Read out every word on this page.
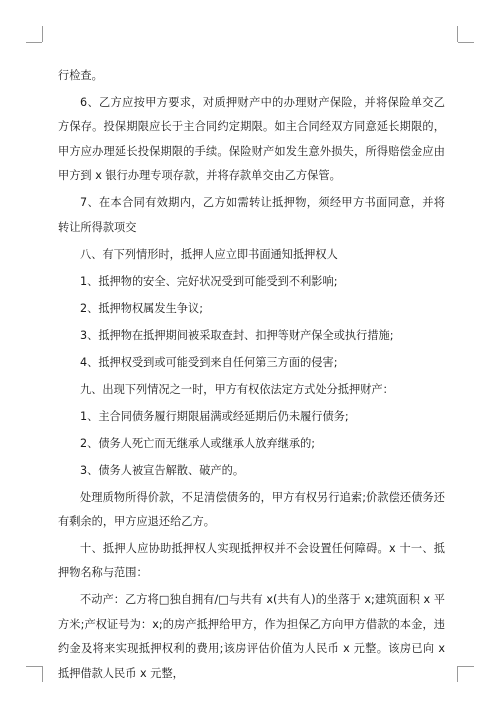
行检查。

6、乙方应按甲方要求，对质押财产中的办理财产保险，并将保险单交乙方保存。投保期限应长于主合同约定期限。如主合同经双方同意延长期限的，甲方应办理延长投保期限的手续。保险财产如发生意外损失，所得赔偿金应由甲方到 x 银行办理专项存款，并将存款单交由乙方保管。

7、在本合同有效期内，乙方如需转让抵押物，须经甲方书面同意，并将转让所得款项交

八、有下列情形时，抵押人应立即书面通知抵押权人

1、抵押物的安全、完好状况受到可能受到不利影响;

2、抵押物权属发生争议;

3、抵押物在抵押期间被采取查封、扣押等财产保全或执行措施;

4、抵押权受到或可能受到来自任何第三方面的侵害;

九、出现下列情况之一时，甲方有权依法定方式处分抵押财产：

1、主合同债务履行期限届满或经延期后仍未履行债务;

2、债务人死亡而无继承人或继承人放弃继承的;

3、债务人被宣告解散、破产的。

处理质物所得价款，不足清偿债务的，甲方有权另行追索;价款偿还债务还有剩余的，甲方应退还给乙方。

十、抵押人应协助抵押权人实现抵押权并不会设置任何障碍。x 十一、抵押物名称与范围：

不动产：乙方将□独自拥有/□与共有 x(共有人)的坐落于 x;建筑面积 x 平方米;产权证号为：x;的房产抵押给甲方，作为担保乙方向甲方借款的本金，违约金及将来实现抵押权利的费用;该房评估价值为人民币 x 元整。该房已向 x 抵押借款人民币 x 元整，
